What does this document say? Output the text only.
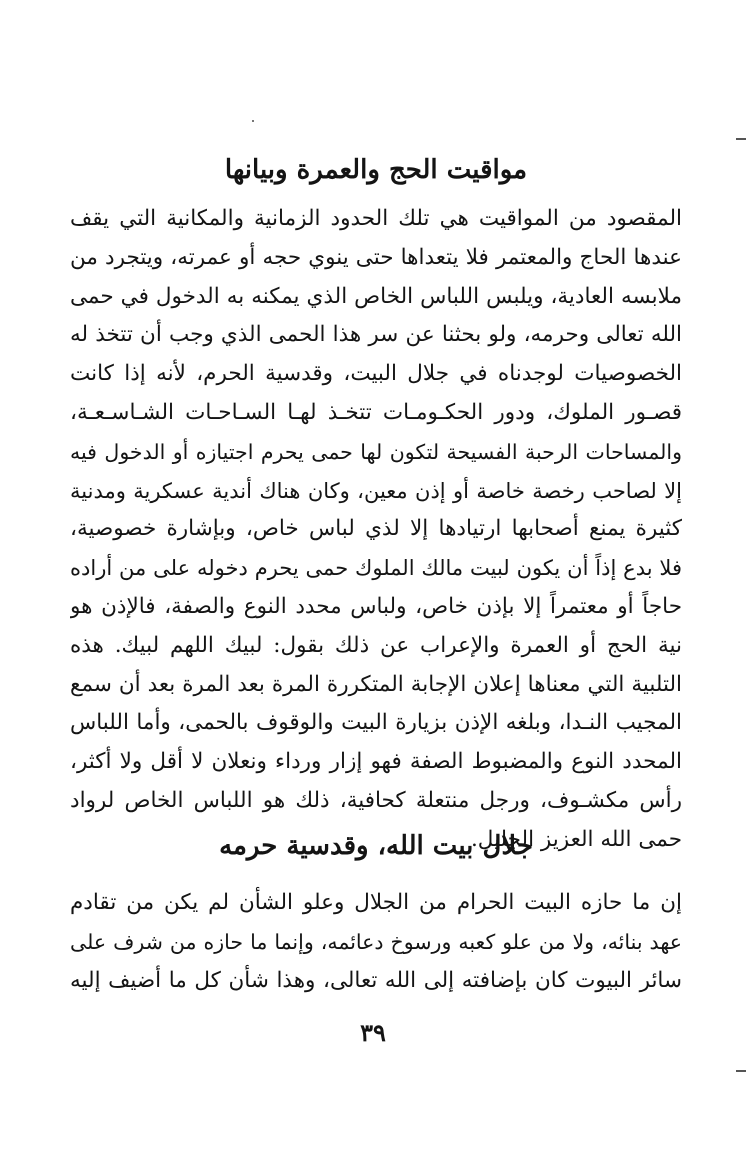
مواقيت الحج والعمرة وبيانها
المقصود من المواقيت هي تلك الحدود الزمانية والمكانية التي يقف
عندها الحاج والمعتمر فلا يتعداها حتى ينوي حجه أو عمرته، ويتجرد من
ملابسه العادية، ويلبس اللباس الخاص الذي يمكنه به الدخول في حمى
الله تعالى وحرمه، ولو بحثنا عن سر هذا الحمى الذي وجب أن تتخذ له
الخصوصيات لوجدناه في جلال البيت، وقدسية الحرم، لأنه إذا كانت
قصـور الملوك، ودور الحكـومـات تتخـذ لهـا السـاحـات الشـاسـعـة،
والمساحات الرحبة الفسيحة لتكون لها حمى يحرم اجتيازه أو الدخول فيه
إلا لصاحب رخصة خاصة أو إذن معين، وكان هناك أندية عسكرية ومدنية
كثيرة يمنع أصحابها ارتيادها إلا لذي لباس خاص، وبإشارة خصوصية،
فلا بدع إذاً أن يكون لبيت مالك الملوك حمى يحرم دخوله على من أراده
حاجاً أو معتمراً إلا بإذن خاص، ولباس محدد النوع والصفة، فالإذن هو
نية الحج أو العمرة والإعراب عن ذلك بقول: لبيك اللهم لبيك. هذه
التلبية التي معناها إعلان الإجابة المتكررة المرة بعد المرة بعد أن سمع
المجيب النـدا، وبلغه الإذن بزيارة البيت والوقوف بالحمى، وأما اللباس
المحدد النوع والمضبوط الصفة فهو إزار ورداء ونعلان لا أقل ولا أكثر،
رأس مكشـوف، ورجل منتعلة كحافية، ذلك هو اللباس الخاص لرواد
حمى الله العزيز الجليل.
جلال بيت الله، وقدسية حرمه
إن ما حازه البيت الحرام من الجلال وعلو الشأن لم يكن من تقادم
عهد بنائه، ولا من علو كعبه ورسوخ دعائمه، وإنما ما حازه من شرف على
سائر البيوت كان بإضافته إلى الله تعالى، وهذا شأن كل ما أضيف إليه
٣٩
